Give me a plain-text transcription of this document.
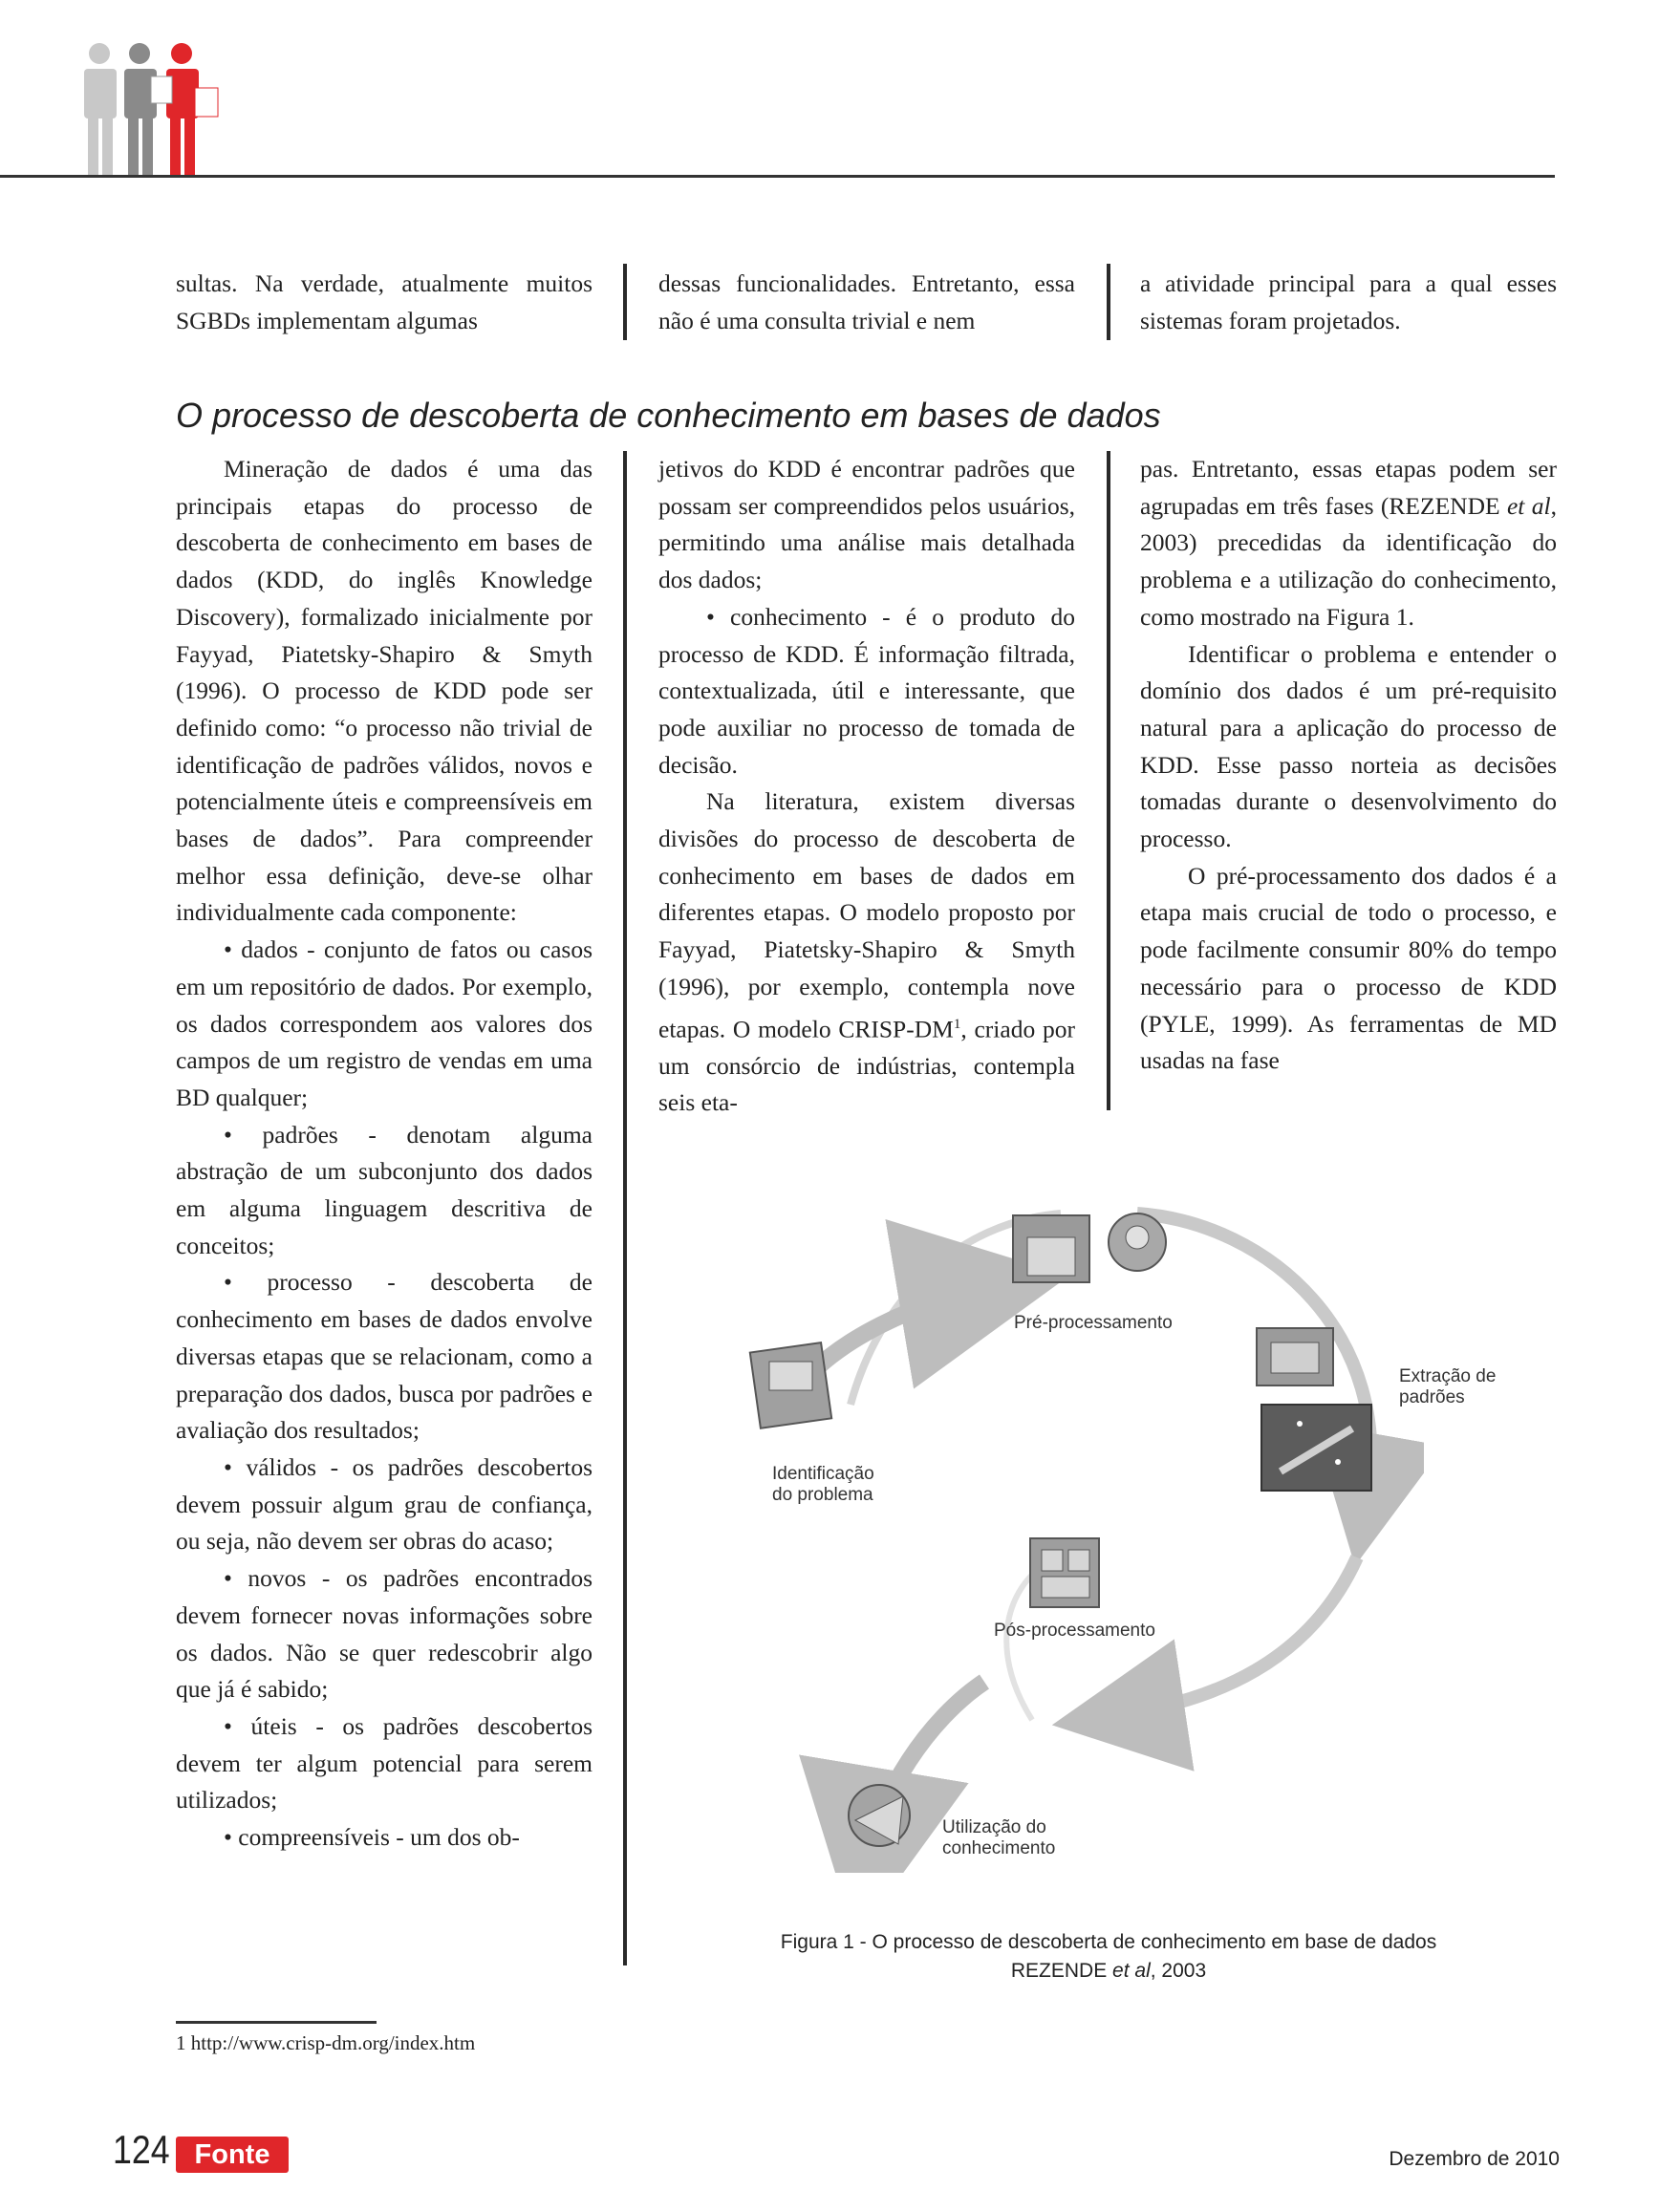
sultas. Na verdade, atualmente muitos SGBDs implementam algumas

dessas funcionalidades. Entretanto, essa não é uma consulta trivial e nem

a atividade principal para a qual esses sistemas foram projetados.

O processo de descoberta de conhecimento em bases de dados

Mineração de dados é uma das principais etapas do processo de descoberta de conhecimento em bases de dados (KDD, do inglês Knowledge Discovery), formalizado inicialmente por Fayyad, Piatetsky-Shapiro & Smyth (1996). O processo de KDD pode ser definido como: “o processo não trivial de identificação de padrões válidos, novos e potencialmente úteis e compreensíveis em bases de dados”. Para compreender melhor essa definição, deve-se olhar individualmente cada componente:

• dados - conjunto de fatos ou casos em um repositório de dados. Por exemplo, os dados correspondem aos valores dos campos de um registro de vendas em uma BD qualquer;

• padrões - denotam alguma abstração de um subconjunto dos dados em alguma linguagem descritiva de conceitos;

• processo - descoberta de conhecimento em bases de dados envolve diversas etapas que se relacionam, como a preparação dos dados, busca por padrões e avaliação dos resultados;

• válidos - os padrões descobertos devem possuir algum grau de confiança, ou seja, não devem ser obras do acaso;

• novos - os padrões encontrados devem fornecer novas informações sobre os dados. Não se quer redescobrir algo que já é sabido;

• úteis - os padrões descobertos devem ter algum potencial para serem utilizados;

• compreensíveis - um dos ob-

jetivos do KDD é encontrar padrões que possam ser compreendidos pelos usuários, permitindo uma análise mais detalhada dos dados;

• conhecimento - é o produto do processo de KDD. É informação filtrada, contextualizada, útil e interessante, que pode auxiliar no processo de tomada de decisão.

Na literatura, existem diversas divisões do processo de descoberta de conhecimento em bases de dados em diferentes etapas. O modelo proposto por Fayyad, Piatetsky-Shapiro & Smyth (1996), por exemplo, contempla nove etapas. O modelo CRISP-$DM^1$, criado por um consórcio de indústrias, contempla seis eta-

pas. Entretanto, essas etapas podem ser agrupadas em três fases (REZENDE et al, 2003) precedidas da identificação do problema e a utilização do conhecimento, como mostrado na Figura 1.

Identificar o problema e entender o domínio dos dados é um pré-requisito natural para a aplicação do processo de KDD. Esse passo norteia as decisões tomadas durante o desenvolvimento do processo.

O pré-processamento dos dados é a etapa mais crucial de todo o processo, e pode facilmente consumir 80% do tempo necessário para o processo de KDD (PYLE, 1999). As ferramentas de MD usadas na fase

Pré-processamento
Extração de
padrões
Identificação
do problema
Pós-processamento
Utilização do
conhecimento
Figura 1 - O processo de descoberta de conhecimento em base de dados
REZENDE et al, 2003
1 http://www.crisp-dm.org/index.htm
124 Fonte	Dezembro de 2010
